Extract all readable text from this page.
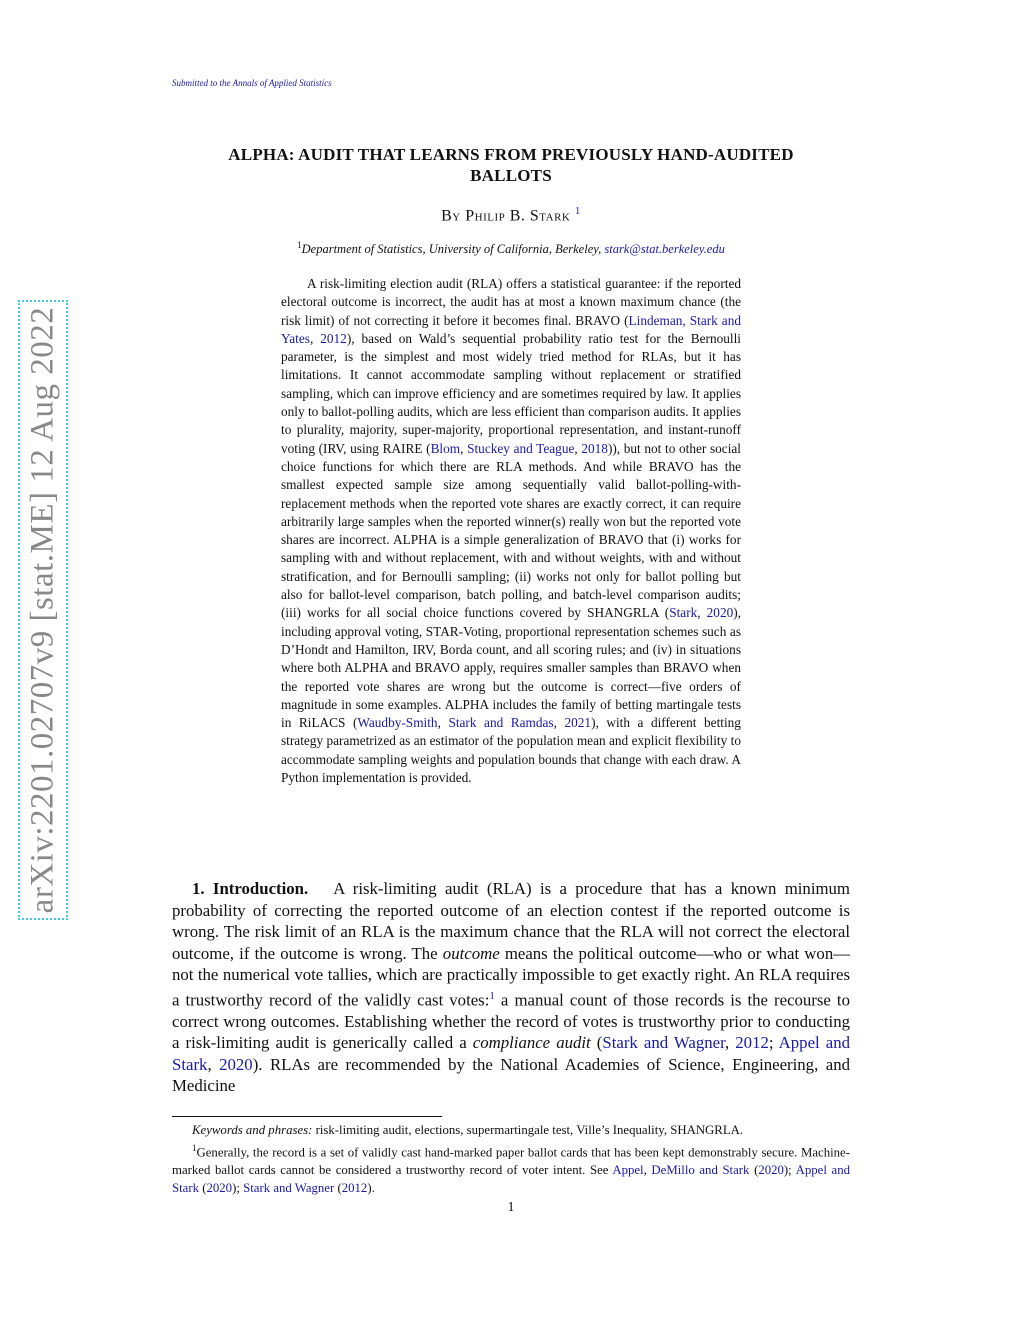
Submitted to the Annals of Applied Statistics
arXiv:2201.02707v9 [stat.ME] 12 Aug 2022
ALPHA: AUDIT THAT LEARNS FROM PREVIOUSLY HAND-AUDITED
BALLOTS
By Philip B. Stark $^1$
$^1$Department of Statistics, University of California, Berkeley, stark@stat.berkeley.edu

A risk-limiting election audit (RLA) offers a statistical guarantee: if the reported electoral outcome is incorrect, the audit has at most a known maximum chance (the risk limit) of not correcting it before it becomes final. BRAVO (Lindeman, Stark and Yates, 2012), based on Wald’s sequential probability ratio test for the Bernoulli parameter, is the simplest and most widely tried method for RLAs, but it has limitations. It cannot accommodate sampling without replacement or stratified sampling, which can improve efficiency and are sometimes required by law. It applies only to ballot-polling audits, which are less efficient than comparison audits. It applies to plurality, majority, super-majority, proportional representation, and instant-runoff voting (IRV, using RAIRE (Blom, Stuckey and Teague, 2018)), but not to other social choice functions for which there are RLA methods. And while BRAVO has the smallest expected sample size among sequentially valid ballot-polling-with-replacement methods when the reported vote shares are exactly correct, it can require arbitrarily large samples when the reported winner(s) really won but the reported vote shares are incorrect. ALPHA is a simple generalization of BRAVO that (i) works for sampling with and without replacement, with and without weights, with and without stratification, and for Bernoulli sampling; (ii) works not only for ballot polling but also for ballot-level comparison, batch polling, and batch-level comparison audits; (iii) works for all social choice functions covered by SHANGRLA (Stark, 2020), including approval voting, STAR-Voting, proportional representation schemes such as D’Hondt and Hamilton, IRV, Borda count, and all scoring rules; and (iv) in situations where both ALPHA and BRAVO apply, requires smaller samples than BRAVO when the reported vote shares are wrong but the outcome is correct—five orders of magnitude in some examples. ALPHA includes the family of betting martingale tests in RiLACS (Waudby-Smith, Stark and Ramdas, 2021), with a different betting strategy parametrized as an estimator of the population mean and explicit flexibility to accommodate sampling weights and population bounds that change with each draw. A Python implementation is provided.

1. Introduction. A risk-limiting audit (RLA) is a procedure that has a known minimum probability of correcting the reported outcome of an election contest if the reported outcome is wrong. The risk limit of an RLA is the maximum chance that the RLA will not correct the electoral outcome, if the outcome is wrong. The outcome means the political outcome—who or what won—not the numerical vote tallies, which are practically impossible to get exactly right. An RLA requires a trustworthy record of the validly cast votes:$^1$ a manual count of those records is the recourse to correct wrong outcomes. Establishing whether the record of votes is trustworthy prior to conducting a risk-limiting audit is generically called a compliance audit (Stark and Wagner, 2012; Appel and Stark, 2020). RLAs are recommended by the National Academies of Science, Engineering, and Medicine

Keywords and phrases: risk-limiting audit, elections, supermartingale test, Ville’s Inequality, SHANGRLA.

$^1$Generally, the record is a set of validly cast hand-marked paper ballot cards that has been kept demonstrably secure. Machine-marked ballot cards cannot be considered a trustworthy record of voter intent. See Appel, DeMillo and Stark (2020); Appel and Stark (2020); Stark and Wagner (2012).

1
